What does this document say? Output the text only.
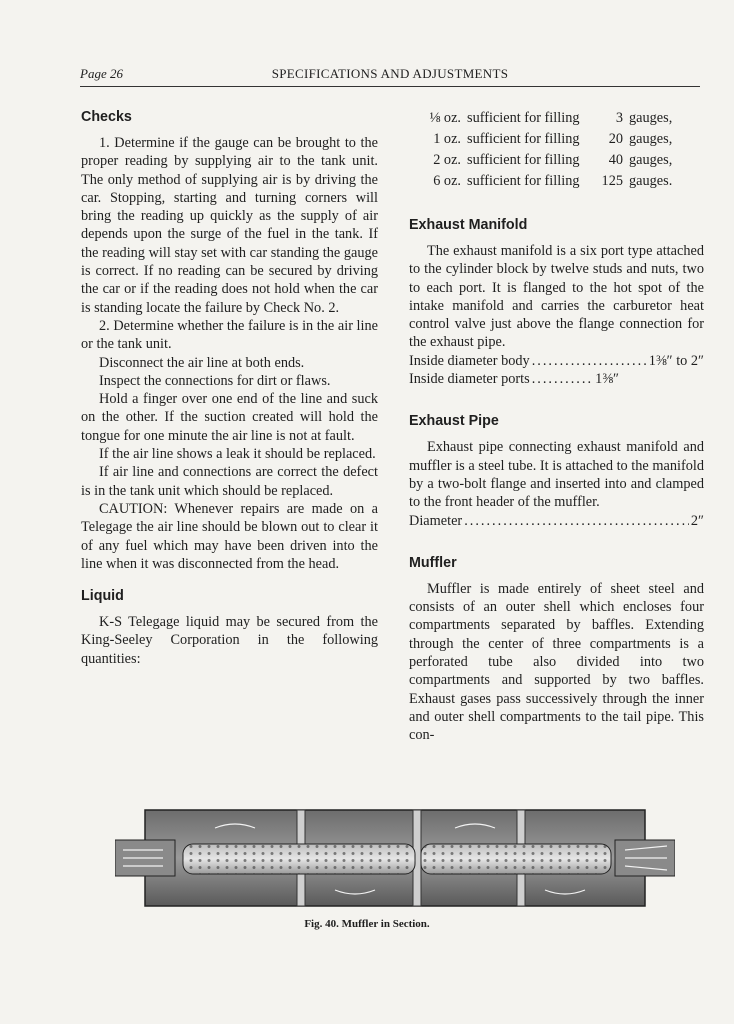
Page 26	SPECIFICATIONS AND ADJUSTMENTS
Checks

1. Determine if the gauge can be brought to the proper reading by supplying air to the tank unit. The only method of supplying air is by driving the car. Stopping, starting and turning corners will bring the reading up quickly as the supply of air depends upon the surge of the fuel in the tank. If the reading will stay set with car standing the gauge is correct. If no reading can be secured by driving the car or if the reading does not hold when the car is standing locate the failure by Check No. 2.

2. Determine whether the failure is in the air line or the tank unit.

Disconnect the air line at both ends.

Inspect the connections for dirt or flaws.

Hold a finger over one end of the line and suck on the other. If the suction created will hold the tongue for one minute the air line is not at fault.

If the air line shows a leak it should be replaced.

If air line and connections are correct the defect is in the tank unit which should be replaced.

CAUTION: Whenever repairs are made on a Telegage the air line should be blown out to clear it of any fuel which may have been driven into the line when it was disconnected from the head.

Liquid

K-S Telegage liquid may be secured from the King-Seeley Corporation in the following quantities:

⅛ oz. sufficient for filling	3 gauges,
1 oz. sufficient for filling	20 gauges,
2 oz. sufficient for filling	40 gauges,
6 oz. sufficient for filling	125 gauges.
Exhaust Manifold

The exhaust manifold is a six port type attached to the cylinder block by twelve studs and nuts, two to each port. It is flanged to the hot spot of the intake manifold and carries the carburetor heat control valve just above the flange connection for the exhaust pipe.

Inside diameter body .....	1⅜″ to 2″
Inside diameter ports .....	1⅜″
Exhaust Pipe

Exhaust pipe connecting exhaust manifold and muffler is a steel tube. It is attached to the manifold by a two-bolt flange and inserted into and clamped to the front header of the muffler.

Diameter .....	2″
Muffler

Muffler is made entirely of sheet steel and consists of an outer shell which encloses four compartments separated by baffles. Extending through the center of three compartments is a perforated tube also divided into two compartments and supported by two baffles. Exhaust gases pass successively through the inner and outer shell compartments to the tail pipe. This con-

Fig. 40. Muffler in Section.
